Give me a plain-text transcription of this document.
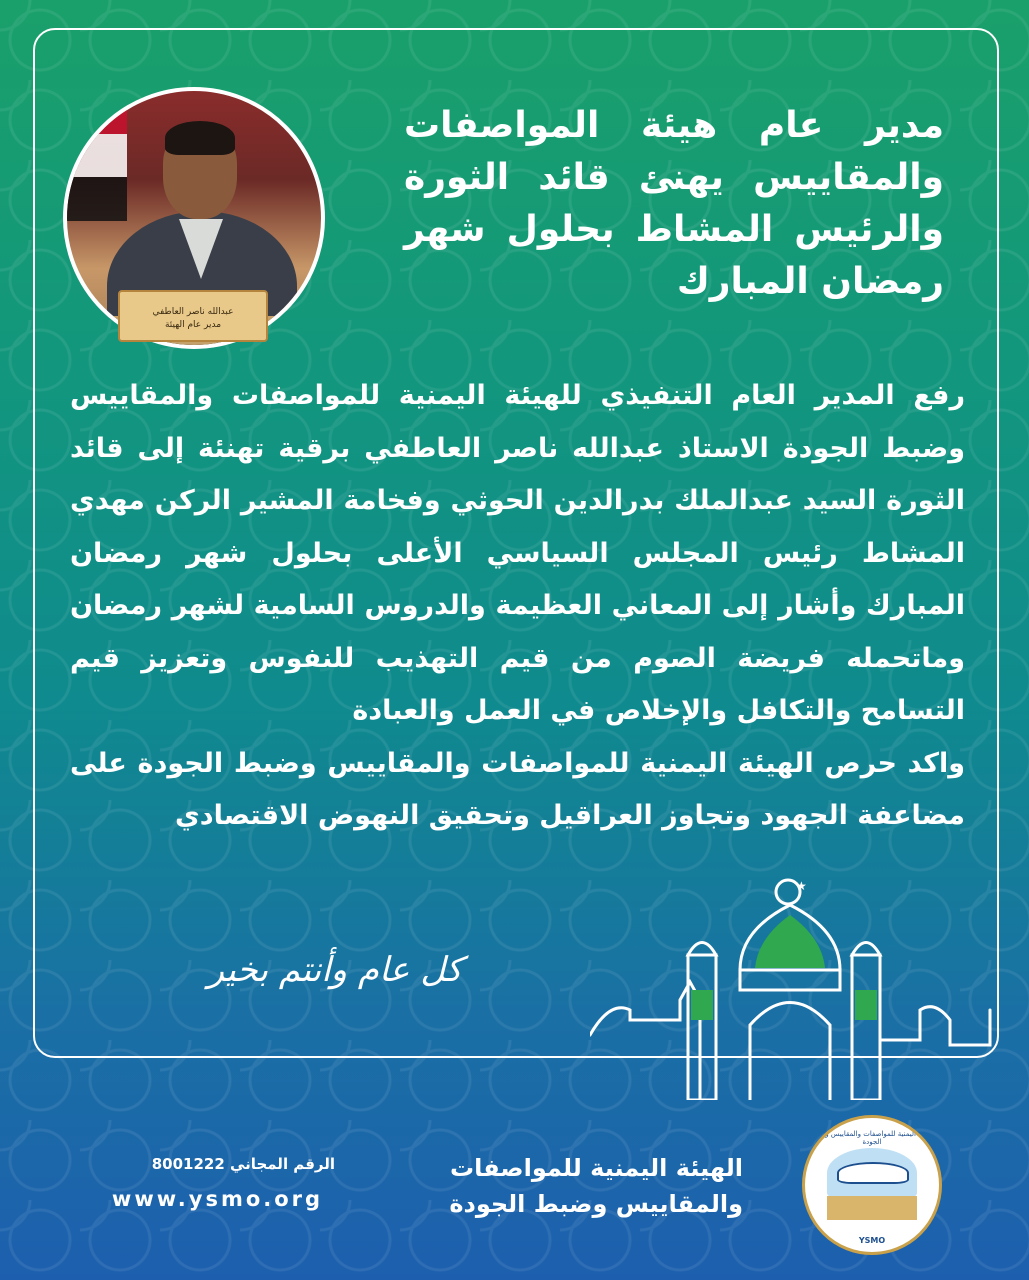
عبدالله ناصر العاطفي
مدير عام الهيئة
مدير عام هيئة المواصفات والمقاييس يهنئ قائد الثورة والرئيس المشاط بحلول شهر رمضان المبارك
رفع المدير العام التنفيذي للهيئة اليمنية للمواصفات والمقاييس وضبط الجودة الاستاذ عبدالله ناصر العاطفي برقية تهنئة إلى قائد الثورة السيد عبدالملك بدرالدين الحوثي وفخامة المشير الركن مهدي المشاط رئيس المجلس السياسي الأعلى بحلول شهر رمضان المبارك وأشار إلى المعاني العظيمة والدروس السامية لشهر رمضان وماتحمله فريضة الصوم من قيم التهذيب للنفوس وتعزيز قيم التسامح والتكافل والإخلاص في العمل والعبادة
واكد حرص الهيئة اليمنية للمواصفات والمقاييس وضبط الجودة على مضاعفة الجهود وتجاوز العراقيل وتحقيق النهوض الاقتصادي
كل عام وأنتم بخير
★
الرقم المجاني 8001222
www.ysmo.org
الهيئة اليمنية للمواصفات
والمقاييس وضبط الجودة
الهيئة اليمنية للمواصفات والمقاييس وضبط الجودة
YSMO
